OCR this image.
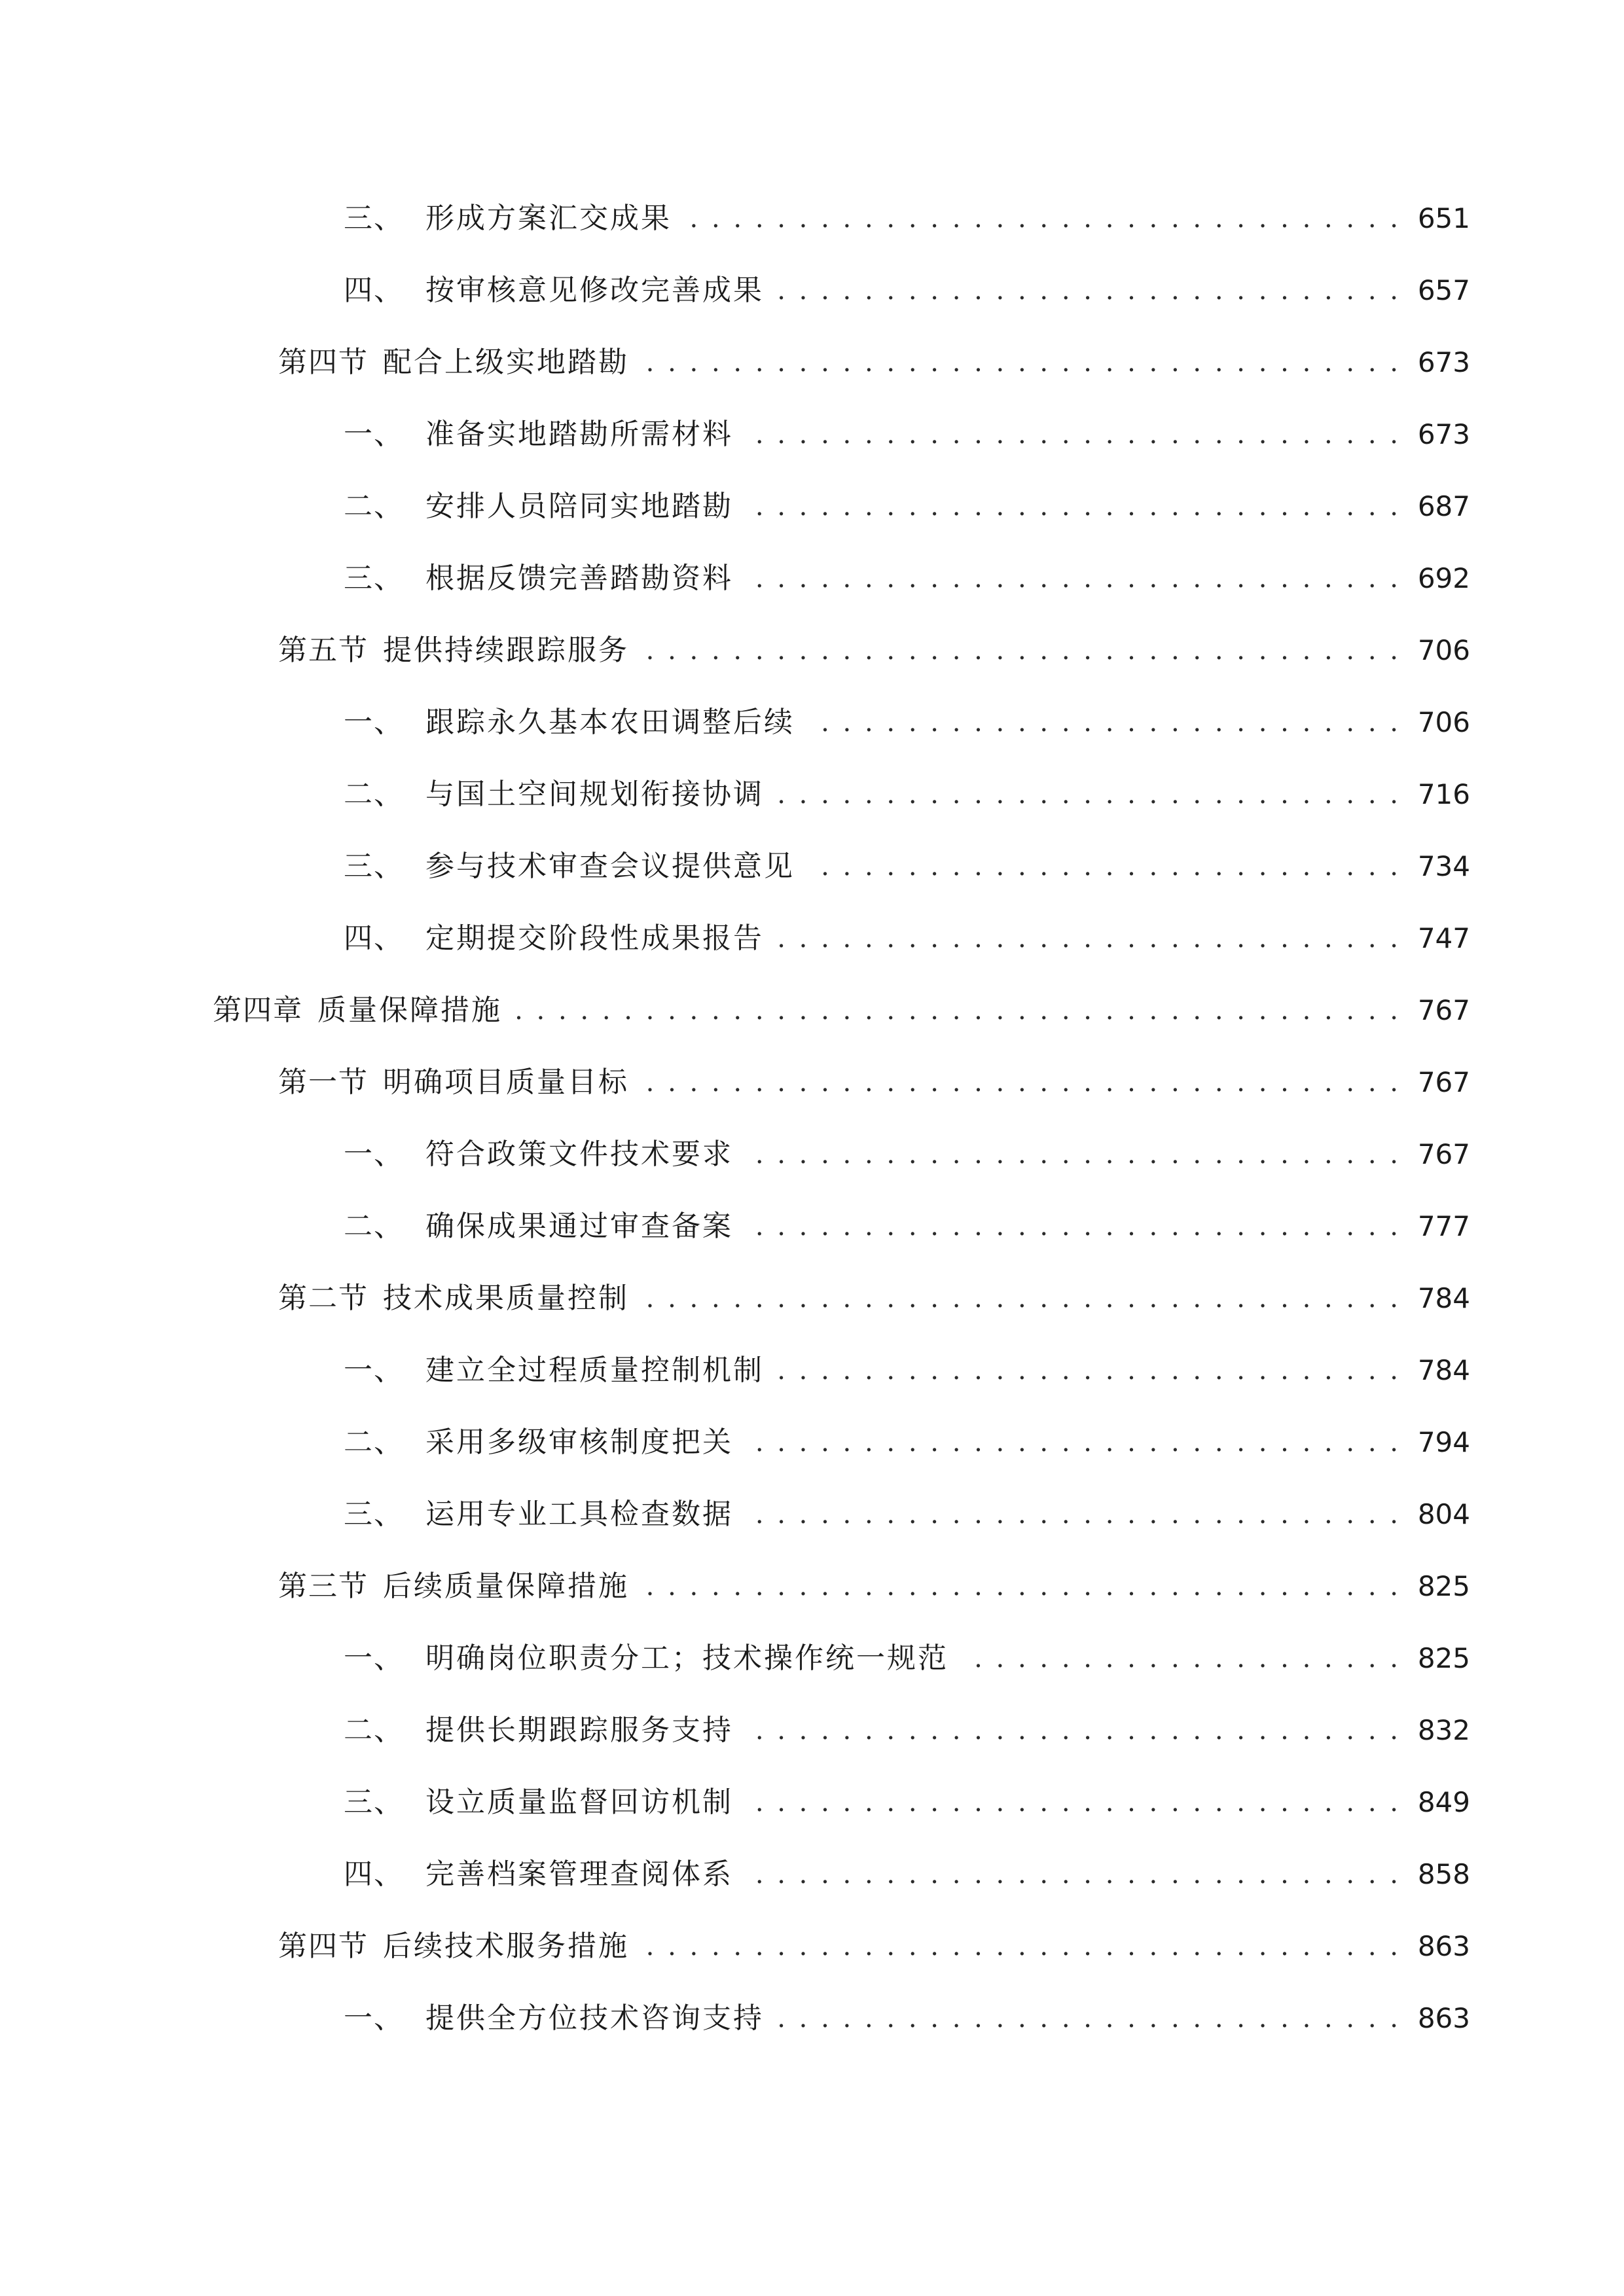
三、 形成方案汇交成果 . . .	651
四、 按审核意见修改完善成果 . . .	657
第四节 配合上级实地踏勘 . . .	673
一、 准备实地踏勘所需材料 . . .	673
二、 安排人员陪同实地踏勘 . . .	687
三、 根据反馈完善踏勘资料 . . .	692
第五节 提供持续跟踪服务 . . .	706
一、 跟踪永久基本农田调整后续 . . .	706
二、 与国土空间规划衔接协调 . . .	716
三、 参与技术审查会议提供意见 . . .	734
四、 定期提交阶段性成果报告 . . .	747
第四章 质量保障措施 . . .	767
第一节 明确项目质量目标 . . .	767
一、 符合政策文件技术要求 . . .	767
二、 确保成果通过审查备案 . . .	777
第二节 技术成果质量控制 . . .	784
一、 建立全过程质量控制机制 . . .	784
二、 采用多级审核制度把关 . . .	794
三、 运用专业工具检查数据 . . .	804
第三节 后续质量保障措施 . . .	825
一、 明确岗位职责分工；技术操作统一规范 . . .	825
二、 提供长期跟踪服务支持 . . .	832
三、 设立质量监督回访机制 . . .	849
四、 完善档案管理查阅体系 . . .	858
第四节 后续技术服务措施 . . .	863
一、 提供全方位技术咨询支持 . . .	863
